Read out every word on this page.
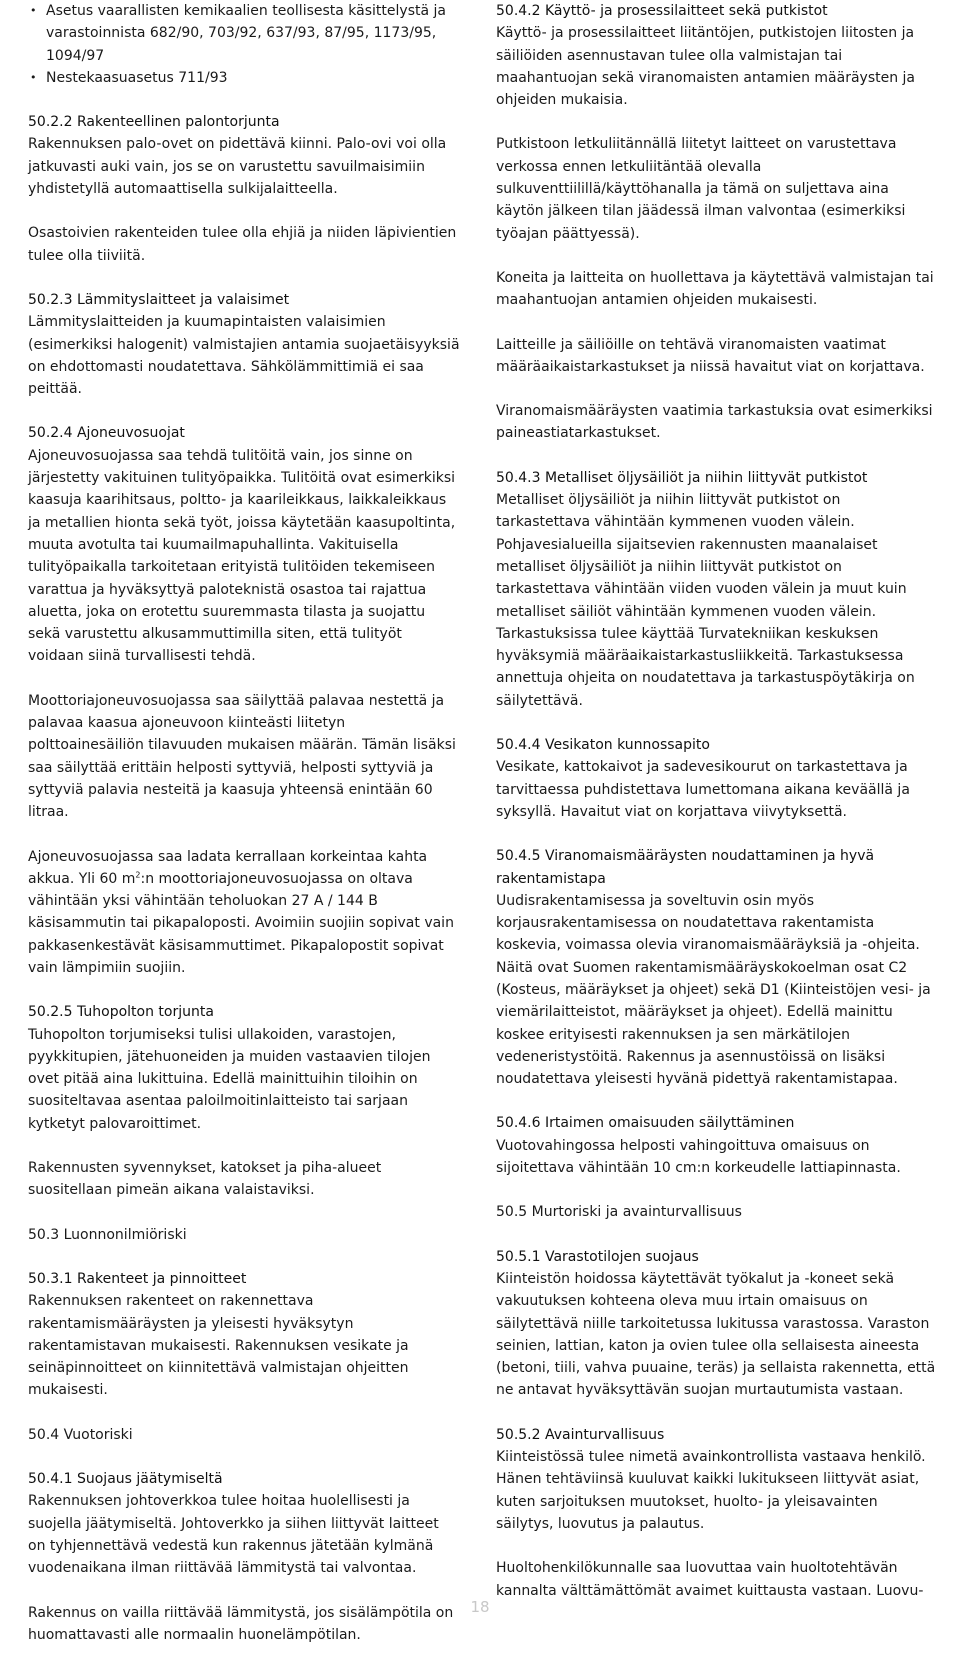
• Asetus vaarallisten kemikaalien teollisesta käsittelystä ja varastoinnista 682/90, 703/92, 637/93, 87/95, 1173/95, 1094/97
• Nestekaasuasetus 711/93

50.2.2 Rakenteellinen palontorjunta
Rakennuksen palo-ovet on pidettävä kiinni. Palo-ovi voi olla jatkuvasti auki vain, jos se on varustettu savuilmaisimiin yhdistetyllä automaattisella sulkijalaitteella.

Osastoivien rakenteiden tulee olla ehjiä ja niiden läpivientien tulee olla tiiviitä.

50.2.3 Lämmityslaitteet ja valaisimet
Lämmityslaitteiden ja kuumapintaisten valaisimien (esimerkiksi halogenit) valmistajien antamia suojaetäisyyksiä on ehdottomasti noudatettava. Sähkölämmittimiä ei saa peittää.

50.2.4 Ajoneuvosuojat
Ajoneuvosuojassa saa tehdä tulitöitä vain, jos sinne on järjestetty vakituinen tulityöpaikka. Tulitöitä ovat esimerkiksi kaasuja kaarihitsaus, poltto- ja kaarileikkaus, laikkaleikkaus ja metallien hionta sekä työt, joissa käytetään kaasupoltinta, muuta avotulta tai kuumailmapuhallinta. Vakituisella tulityöpaikalla tarkoitetaan erityistä tulitöiden tekemiseen varattua ja hyväksyttyä paloteknistä osastoa tai rajattua aluetta, joka on erotettu suuremmasta tilasta ja suojattu sekä varustettu alkusammuttimilla siten, että tulityöt voidaan siinä turvallisesti tehdä.

Moottoriajoneuvosuojassa saa säilyttää palavaa nestettä ja palavaa kaasua ajoneuvoon kiinteästi liitetyn polttoainesäiliön tilavuuden mukaisen määrän. Tämän lisäksi saa säilyttää erittäin helposti syttyviä, helposti syttyviä ja syttyviä palavia nesteitä ja kaasuja yhteensä enintään 60 litraa.

Ajoneuvosuojassa saa ladata kerrallaan korkeintaa kahta akkua. Yli 60 $m^2:n$ moottoriajoneuvosuojassa on oltava vähintään yksi vähintään teholuokan 27 A / 144 B käsisammutin tai pikapaloposti. Avoimiin suojiin sopivat vain pakkasenkestävät käsisammuttimet. Pikapalopostit sopivat vain lämpimiin suojiin.

50.2.5 Tuhopolton torjunta
Tuhopolton torjumiseksi tulisi ullakoiden, varastojen, pyykkitupien, jätehuoneiden ja muiden vastaavien tilojen ovet pitää aina lukittuina. Edellä mainittuihin tiloihin on suositeltavaa asentaa paloilmoitinlaitteisto tai sarjaan kytketyt palovaroittimet.

Rakennusten syvennykset, katokset ja piha-alueet suositellaan pimeän aikana valaistaviksi.

50.3 Luonnonilmiöriski

50.3.1 Rakenteet ja pinnoitteet
Rakennuksen rakenteet on rakennettava rakentamismääräysten ja yleisesti hyväksytyn rakentamistavan mukaisesti. Rakennuksen vesikate ja seinäpinnoitteet on kiinnitettävä valmistajan ohjeitten mukaisesti.

50.4 Vuotoriski

50.4.1 Suojaus jäätymiseltä
Rakennuksen johtoverkkoa tulee hoitaa huolellisesti ja suojella jäätymiseltä. Johtoverkko ja siihen liittyvät laitteet on tyhjennettävä vedestä kun rakennus jätetään kylmänä vuodenaikana ilman riittävää lämmitystä tai valvontaa.

Rakennus on vailla riittävää lämmitystä, jos sisälämpötila on huomattavasti alle normaalin huonelämpötilan.

50.4.2 Käyttö- ja prosessilaitteet sekä putkistot
Käyttö- ja prosessilaitteet liitäntöjen, putkistojen liitosten ja säiliöiden asennustavan tulee olla valmistajan tai maahantuojan sekä viranomaisten antamien määräysten ja ohjeiden mukaisia.

Putkistoon letkuliitännällä liitetyt laitteet on varustettava verkossa ennen letkuliitäntää olevalla sulkuventtiilillä/käyttöhanalla ja tämä on suljettava aina käytön jälkeen tilan jäädessä ilman valvontaa (esimerkiksi työajan päättyessä).

Koneita ja laitteita on huollettava ja käytettävä valmistajan tai maahantuojan antamien ohjeiden mukaisesti.

Laitteille ja säiliöille on tehtävä viranomaisten vaatimat määräaikaistarkastukset ja niissä havaitut viat on korjattava.

Viranomaismääräysten vaatimia tarkastuksia ovat esimerkiksi paineastiatarkastukset.

50.4.3 Metalliset öljysäiliöt ja niihin liittyvät putkistot
Metalliset öljysäiliöt ja niihin liittyvät putkistot on tarkastettava vähintään kymmenen vuoden välein. Pohjavesialueilla sijaitsevien rakennusten maanalaiset metalliset öljysäiliöt ja niihin liittyvät putkistot on tarkastettava vähintään viiden vuoden välein ja muut kuin metalliset säiliöt vähintään kymmenen vuoden välein. Tarkastuksissa tulee käyttää Turvatekniikan keskuksen hyväksymiä määräaikaistarkastusliikkeitä. Tarkastuksessa annettuja ohjeita on noudatettava ja tarkastuspöytäkirja on säilytettävä.

50.4.4 Vesikaton kunnossapito
Vesikate, kattokaivot ja sadevesikourut on tarkastettava ja tarvittaessa puhdistettava lumettomana aikana keväällä ja syksyllä. Havaitut viat on korjattava viivytyksettä.

50.4.5 Viranomaismääräysten noudattaminen ja hyvä rakentamistapa
Uudisrakentamisessa ja soveltuvin osin myös korjausrakentamisessa on noudatettava rakentamista koskevia, voimassa olevia viranomaismääräyksiä ja -ohjeita. Näitä ovat Suomen rakentamismääräyskokoelman osat C2 (Kosteus, määräykset ja ohjeet) sekä D1 (Kiinteistöjen vesi- ja viemärilaitteistot, määräykset ja ohjeet). Edellä mainittu koskee erityisesti rakennuksen ja sen märkätilojen vedeneristystöitä. Rakennus ja asennustöissä on lisäksi noudatettava yleisesti hyvänä pidettyä rakentamistapaa.

50.4.6 Irtaimen omaisuuden säilyttäminen
Vuotovahingossa helposti vahingoittuva omaisuus on sijoitettava vähintään 10 cm:n korkeudelle lattiapinnasta.

50.5 Murtoriski ja avainturvallisuus

50.5.1 Varastotilojen suojaus
Kiinteistön hoidossa käytettävät työkalut ja -koneet sekä vakuutuksen kohteena oleva muu irtain omaisuus on säilytettävä niille tarkoitetussa lukitussa varastossa. Varaston seinien, lattian, katon ja ovien tulee olla sellaisesta aineesta (betoni, tiili, vahva puuaine, teräs) ja sellaista rakennetta, että ne antavat hyväksyttävän suojan murtautumista vastaan.

50.5.2 Avainturvallisuus
Kiinteistössä tulee nimetä avainkontrollista vastaava henkilö. Hänen tehtäviinsä kuuluvat kaikki lukitukseen liittyvät asiat, kuten sarjoituksen muutokset, huolto- ja yleisavainten säilytys, luovutus ja palautus.

Huoltohenkilökunnalle saa luovuttaa vain huoltotehtävän kannalta välttämättömät avaimet kuittausta vastaan. Luovu-

18
